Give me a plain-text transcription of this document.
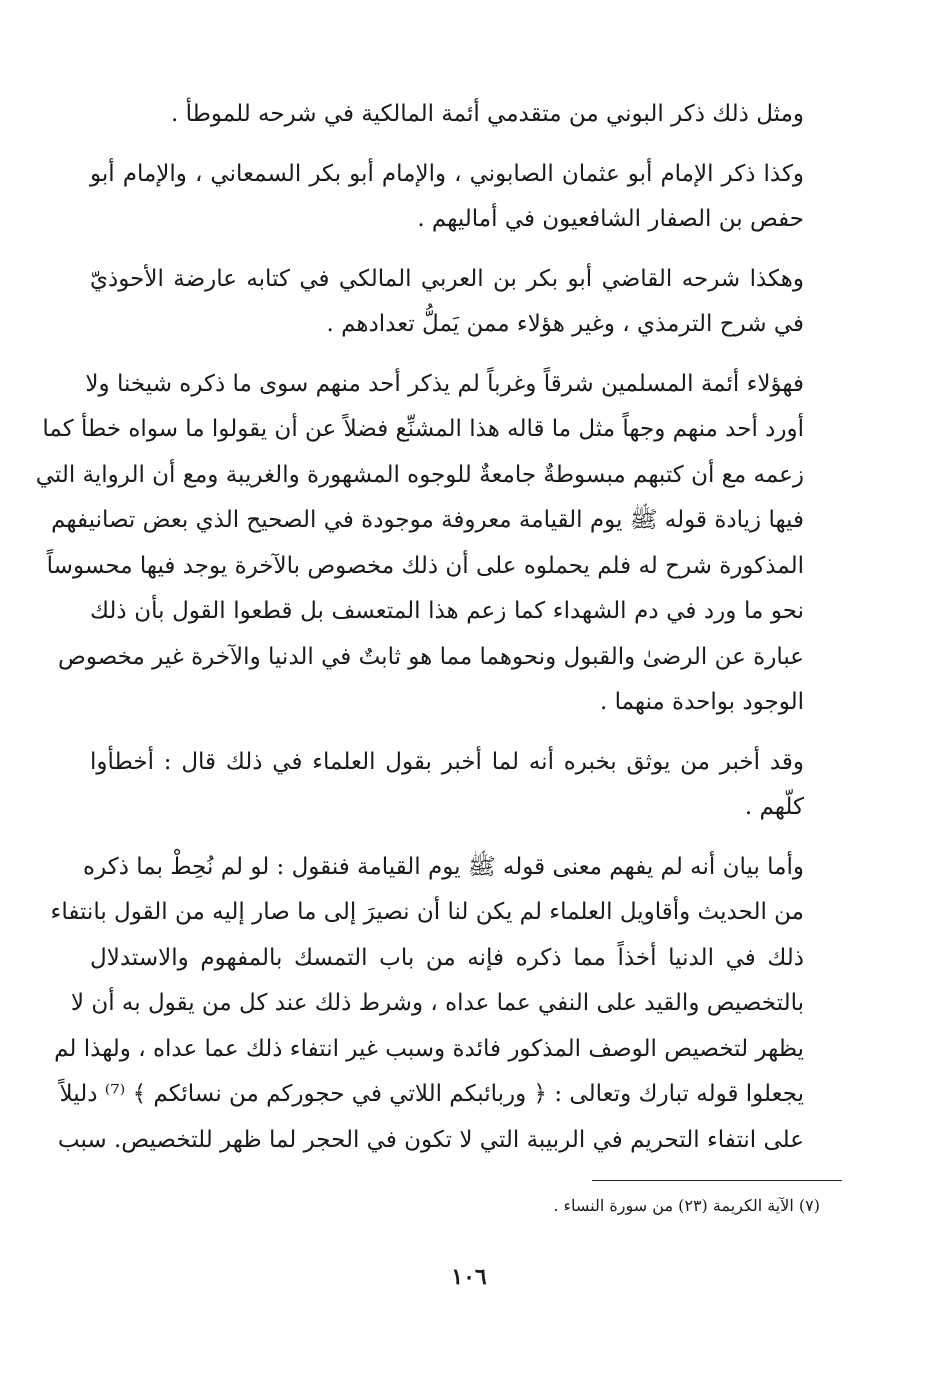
ومثل ذلك ذكر البوني من متقدمي أئمة المالكية في شرحه للموطأ .

وكذا ذكر الإمام أبو عثمان الصابوني ، والإمام أبو بكر السمعاني ، والإمام أبو
حفص بن الصفار الشافعيون في أماليهم .

وهكذا شرحه القاضي أبو بكر بن العربي المالكي في كتابه عارضة الأحوذيّ
في شرح الترمذي ، وغير هؤلاء ممن يَملُّ تعدادهم .

فهؤلاء أئمة المسلمين شرقاً وغرباً لم يذكر أحد منهم سوى ما ذكره شيخنا ولا
أورد أحد منهم وجهاً مثل ما قاله هذا المشنِّع فضلاً عن أن يقولوا ما سواه خطأ كما
زعمه مع أن كتبهم مبسوطةٌ جامعةٌ للوجوه المشهورة والغريبة ومع أن الرواية التي
فيها زيادة قوله ﷺ يوم القيامة معروفة موجودة في الصحيح الذي بعض تصانيفهم
المذكورة شرح له فلم يحملوه على أن ذلك مخصوص بالآخرة يوجد فيها محسوساً
نحو ما ورد في دم الشهداء كما زعم هذا المتعسف بل قطعوا القول بأن ذلك
عبارة عن الرضىٰ والقبول ونحوهما مما هو ثابتٌ في الدنيا والآخرة غير مخصوص
الوجود بواحدة منهما .

وقد أخبر من يوثق بخبره أنه لما أخبر بقول العلماء في ذلك قال : أخطأوا
كلّهم .

وأما بيان أنه لم يفهم معنى قوله ﷺ يوم القيامة فنقول : لو لم نُحِطْ بما ذكره
من الحديث وأقاويل العلماء لم يكن لنا أن نصيرَ إلى ما صار إليه من القول بانتفاء
ذلك في الدنيا أخذاً مما ذكره فإنه من باب التمسك بالمفهوم والاستدلال
بالتخصيص والقيد على النفي عما عداه ، وشرط ذلك عند كل من يقول به أن لا
يظهر لتخصيص الوصف المذكور فائدة وسبب غير انتفاء ذلك عما عداه ، ولهذا لم
يجعلوا قوله تبارك وتعالى : ﴿ وربائبكم اللاتي في حجوركم من نسائكم ﴾ ⁽⁷⁾ دليلاً
على انتفاء التحريم في الربيبة التي لا تكون في الحجر لما ظهر للتخصيص. سبب

(٧) الآية الكريمة (٢٣) من سورة النساء .
١٠٦
